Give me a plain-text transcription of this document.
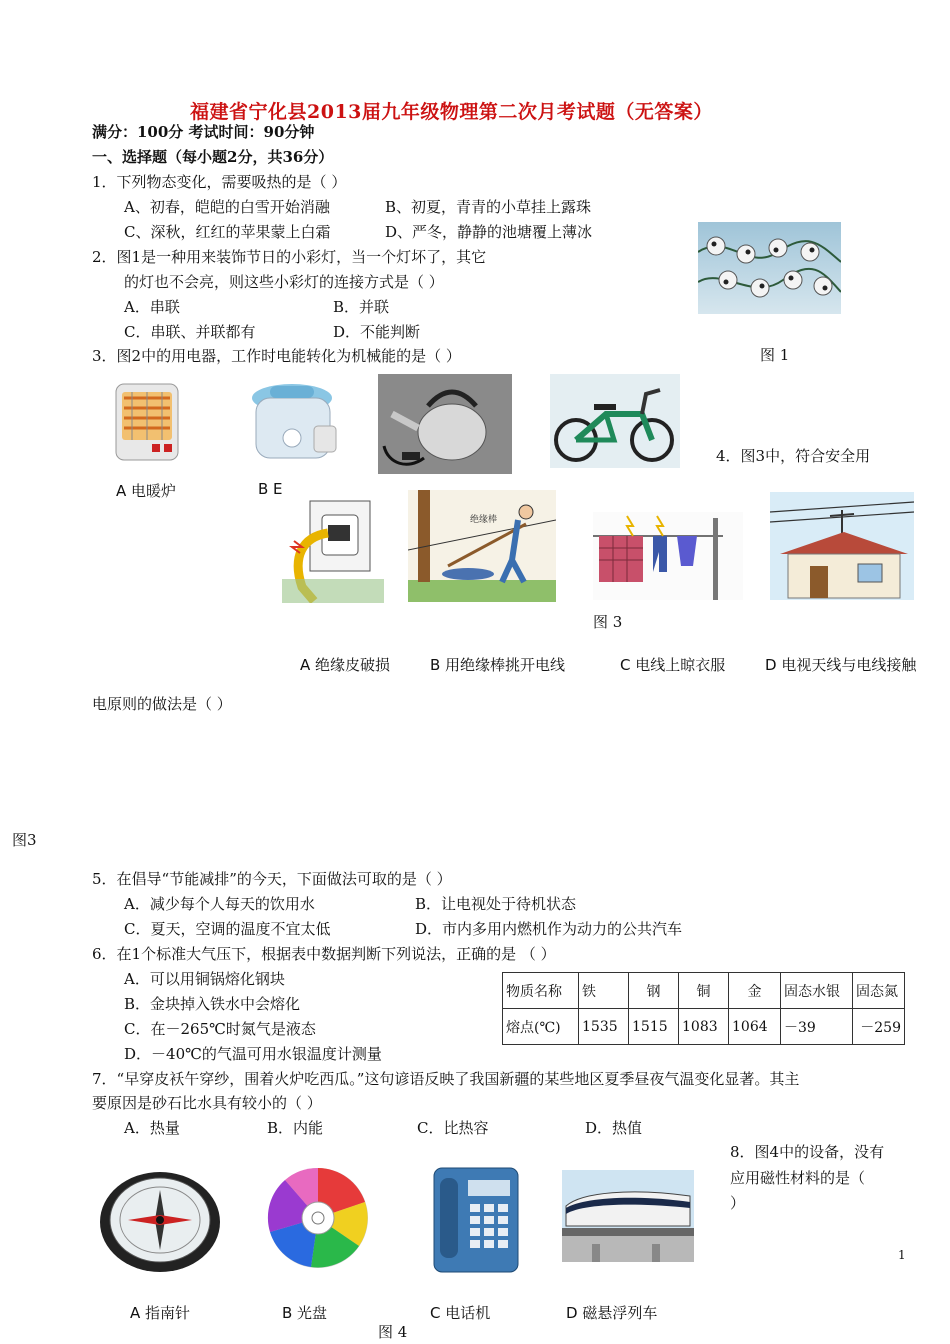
福建省宁化县2013届九年级物理第二次月考试题（无答案）
满分：100分 考试时间：90分钟
一、选择题（每小题2分，共36分）
1．下列物态变化，需要吸热的是（ ）
A、初春，皑皑的白雪开始消融	B、初夏，青青的小草挂上露珠
C、深秋，红红的苹果蒙上白霜	D、严冬，静静的池塘覆上薄冰
2．图1是一种用来装饰节日的小彩灯，当一个灯坏了，其它
的灯也不会亮，则这些小彩灯的连接方式是（ ）
A．串联	B．并联
C．串联、并联都有	D．不能判断
图 1
3．图2中的用电器，工作时电能转化为机械能的是（ ）
A 电暖炉	B E
4．图3中，符合安全用
绝缘棒
图 3
A 绝缘皮破损	B 用绝缘棒挑开电线	C 电线上晾衣服	D 电视天线与电线接触
电原则的做法是（ ）
图3
5．在倡导“节能减排”的今天，下面做法可取的是（ ）
A．减少每个人每天的饮用水	B．让电视处于待机状态
C．夏天，空调的温度不宜太低	D．市内多用内燃机作为动力的公共汽车
6．在1个标准大气压下，根据表中数据判断下列说法，正确的是 （ ）
A．可以用铜锅熔化钢块
B．金块掉入铁水中会熔化
C．在－265℃时氮气是液态
D．－40℃的气温可用水银温度计测量
物质名称	铁	钢	铜	金	固态水银	固态氮
熔点(℃)	1535	1515	1083	1064	－39	－259
7．“早穿皮袄午穿纱，围着火炉吃西瓜。”这句谚语反映了我国新疆的某些地区夏季昼夜气温变化显著。其主
要原因是砂石比水具有较小的（ ）
A．热量	B．内能	C．比热容	D．热值
8．图4中的设备，没有
应用磁性材料的是（
）
1
A 指南针	B 光盘	C 电话机	D 磁悬浮列车
图 4
